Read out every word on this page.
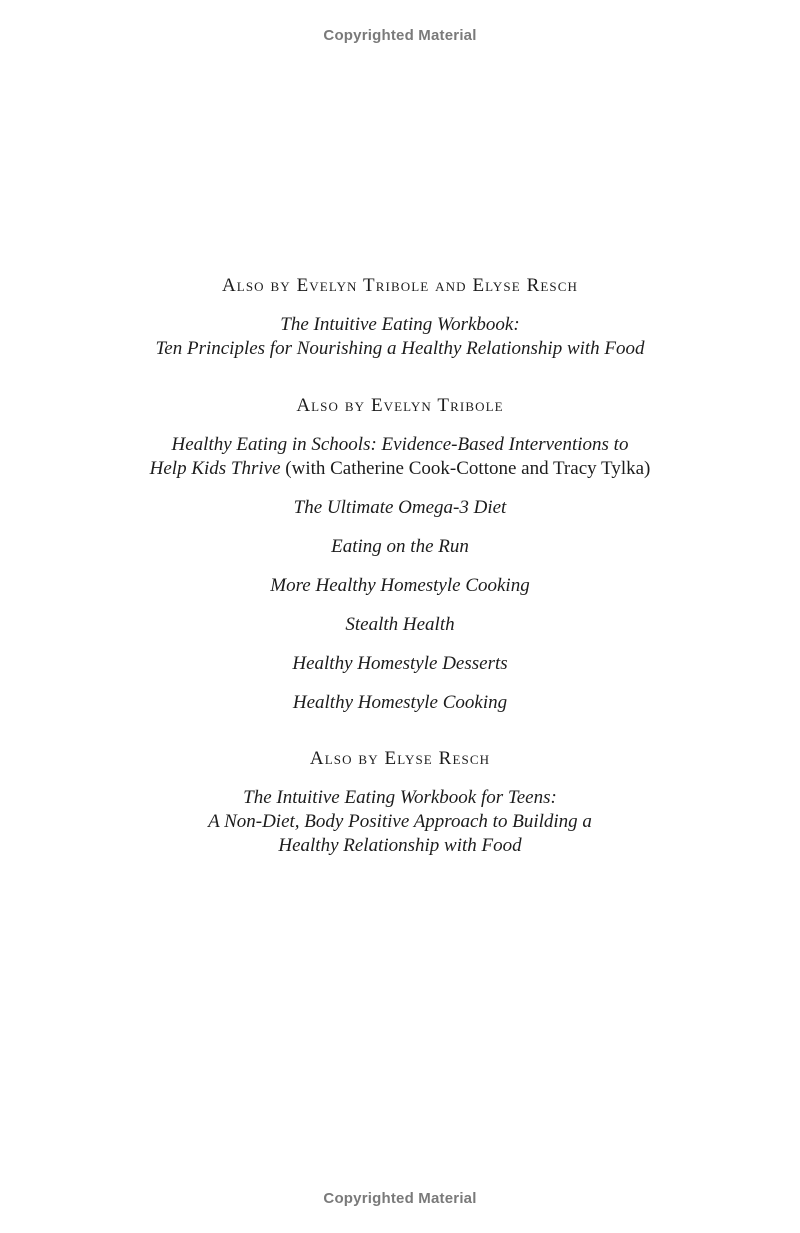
Copyrighted Material

Also by Evelyn Tribole and Elyse Resch

The Intuitive Eating Workbook:
Ten Principles for Nourishing a Healthy Relationship with Food

Also by Evelyn Tribole

Healthy Eating in Schools: Evidence-Based Interventions to
Help Kids Thrive (with Catherine Cook-Cottone and Tracy Tylka)

The Ultimate Omega-3 Diet

Eating on the Run

More Healthy Homestyle Cooking

Stealth Health

Healthy Homestyle Desserts

Healthy Homestyle Cooking

Also by Elyse Resch

The Intuitive Eating Workbook for Teens:
A Non-Diet, Body Positive Approach to Building a
Healthy Relationship with Food

Copyrighted Material
